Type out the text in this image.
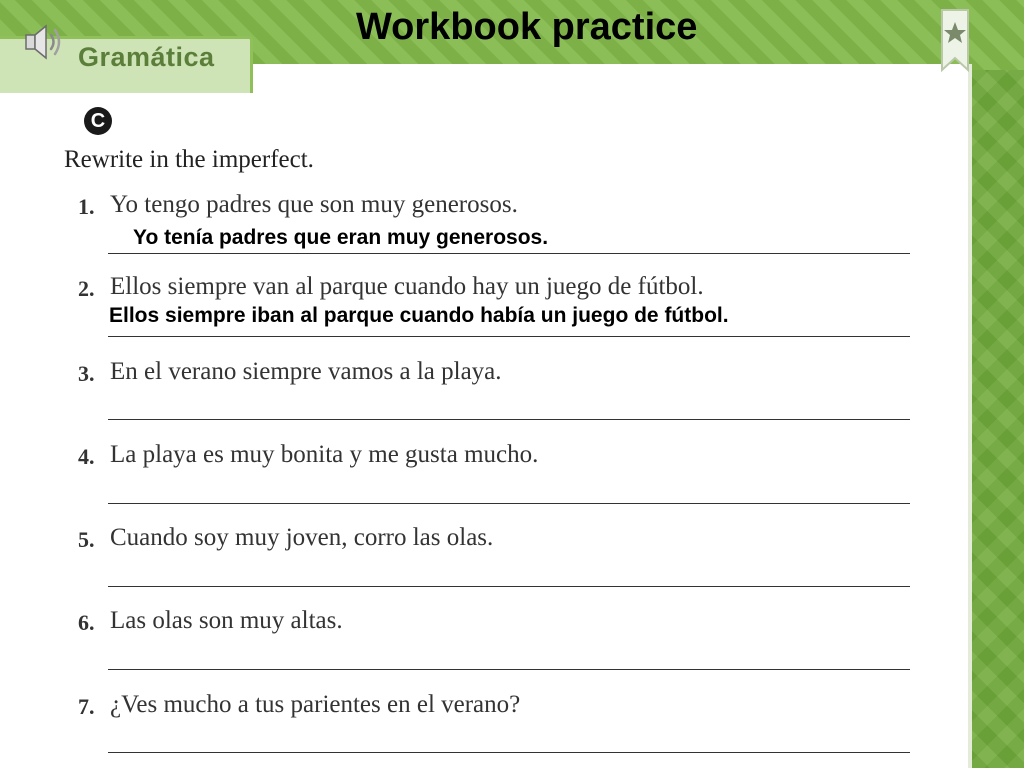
Gramática
Workbook practice
C
Rewrite in the imperfect.
1. Yo tengo padres que son muy generosos.
Yo tenía padres que eran muy generosos.
2. Ellos siempre van al parque cuando hay un juego de fútbol.
Ellos siempre iban al parque cuando había un juego de fútbol.
3. En el verano siempre vamos a la playa.
4. La playa es muy bonita y me gusta mucho.
5. Cuando soy muy joven, corro las olas.
6. Las olas son muy altas.
7. ¿Ves mucho a tus parientes en el verano?
